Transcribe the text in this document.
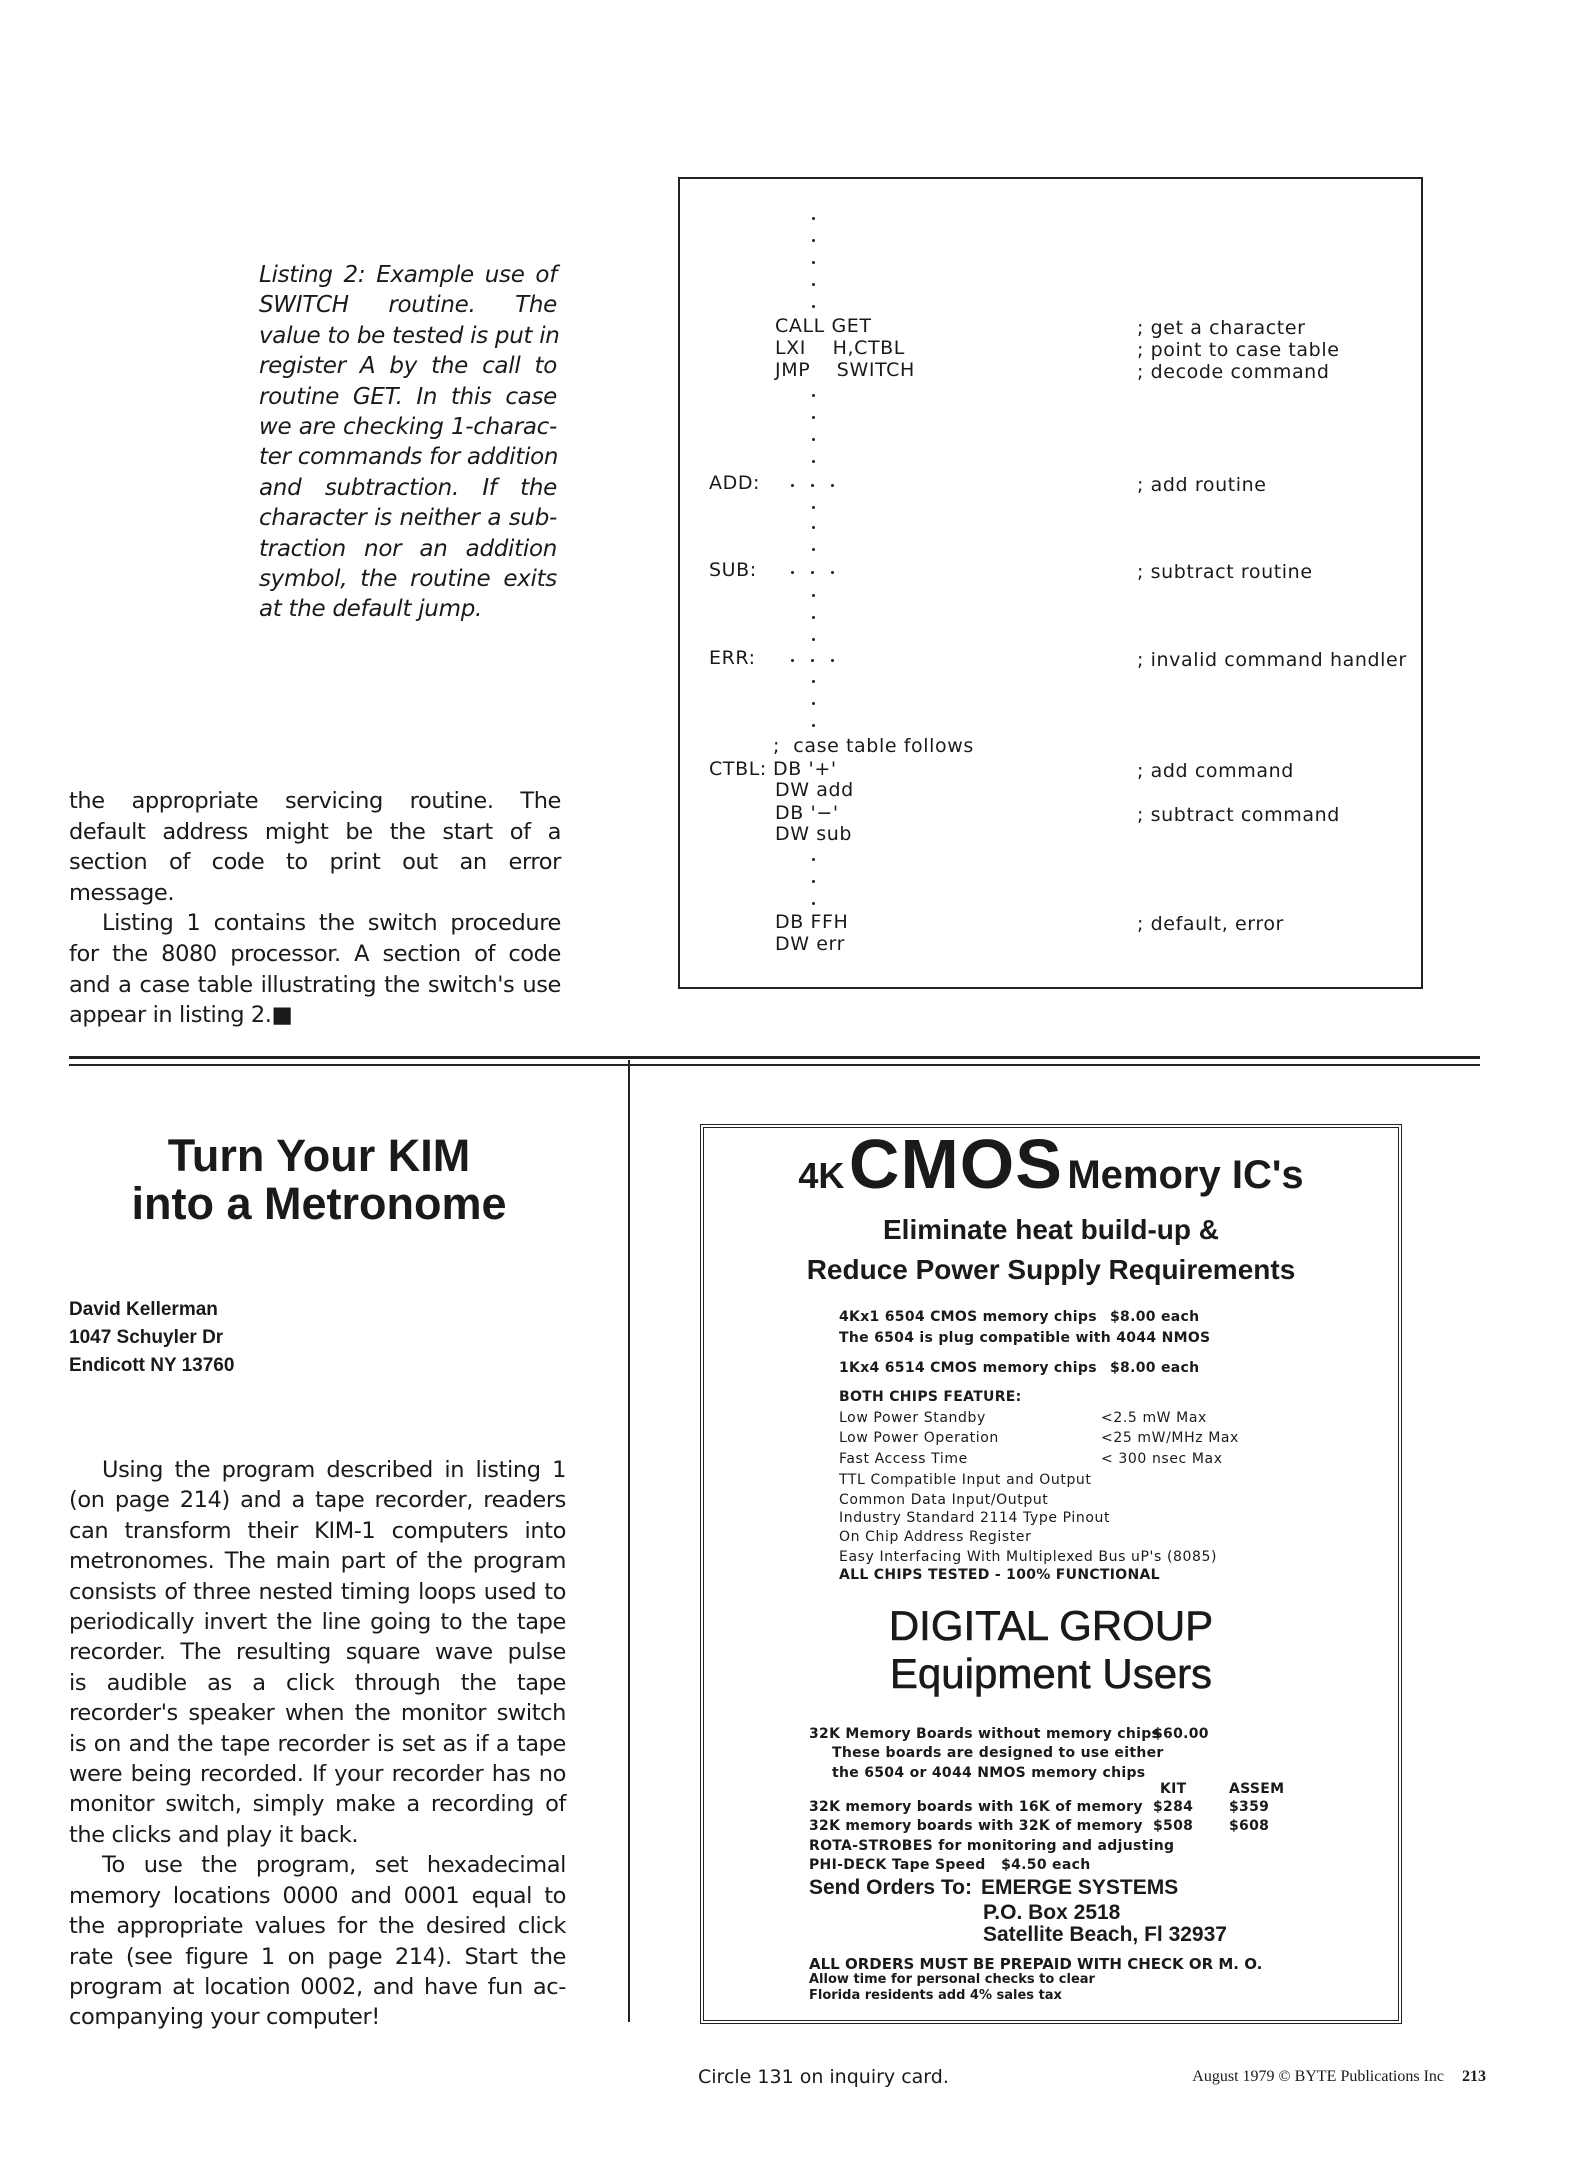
Listing 2: Example use of
SWITCH routine. The
value to be tested is put in
register A by the call to
routine GET. In this case
we are checking 1-charac-
ter commands for addition
and subtraction. If the
character is neither a sub-
traction nor an addition
symbol, the routine exits
at the default jump.
CALL GET	; get a character
LXI    H,CTBL	; point to case table
JMP    SWITCH	; decode command
ADD:	; add routine
SUB:	; subtract routine
ERR:	; invalid command handler
;  case table follows
CTBL: DB '+'	; add command
DW add
DB '−'	; subtract command
DW sub
DB FFH	; default, error
DW err
the appropriate servicing routine. The
default address might be the start of a
section of code to print out an error
message.
Listing 1 contains the switch procedure
for the 8080 processor. A section of code
and a case table illustrating the switch's use
appear in listing 2.■
Turn Your KIM
into a Metronome
David Kellerman
1047 Schuyler Dr
Endicott NY 13760
Using the program described in listing 1
(on page 214) and a tape recorder, readers
can transform their KIM-1 computers into
metronomes. The main part of the program
consists of three nested timing loops used to
periodically invert the line going to the tape
recorder. The resulting square wave pulse
is audible as a click through the tape
recorder's speaker when the monitor switch
is on and the tape recorder is set as if a tape
were being recorded. If your recorder has no
monitor switch, simply make a recording of
the clicks and play it back.
To use the program, set hexadecimal
memory locations 0000 and 0001 equal to
the appropriate values for the desired click
rate (see figure 1 on page 214). Start the
program at location 0002, and have fun ac-
companying your computer!
4K CMOS Memory IC's
Eliminate heat build-up &
Reduce Power Supply Requirements
DIGITAL GROUP
Equipment Users
4Kx1 6504 CMOS memory chips $8.00 each
The 6504 is plug compatible with 4044 NMOS
1Kx4 6514 CMOS memory chips $8.00 each
BOTH CHIPS FEATURE:
Low Power Standby	<2.5 mW Max
Low Power Operation	<25 mW/MHz Max
Fast Access Time	< 300 nsec Max
TTL Compatible Input and Output
Common Data Input/Output
Industry Standard 2114 Type Pinout
On Chip Address Register
Easy Interfacing With Multiplexed Bus uP's (8085)
ALL CHIPS TESTED - 100% FUNCTIONAL
32K Memory Boards without memory chips
$60.00
These boards are designed to use either
the 6504 or 4044 NMOS memory chips
KIT	ASSEM
32K memory boards with 16K of memory $284	$359
32K memory boards with 32K of memory $508	$608
ROTA-STROBES for monitoring and adjusting
PHI-DECK Tape Speed   $4.50 each
Send Orders To: EMERGE SYSTEMS
P.O. Box 2518
Satellite Beach, Fl 32937
ALL ORDERS MUST BE PREPAID WITH CHECK OR M. O.
Allow time for personal checks to clear
Florida residents add 4% sales tax
Circle 131 on inquiry card.	August 1979 © BYTE Publications Inc 213
